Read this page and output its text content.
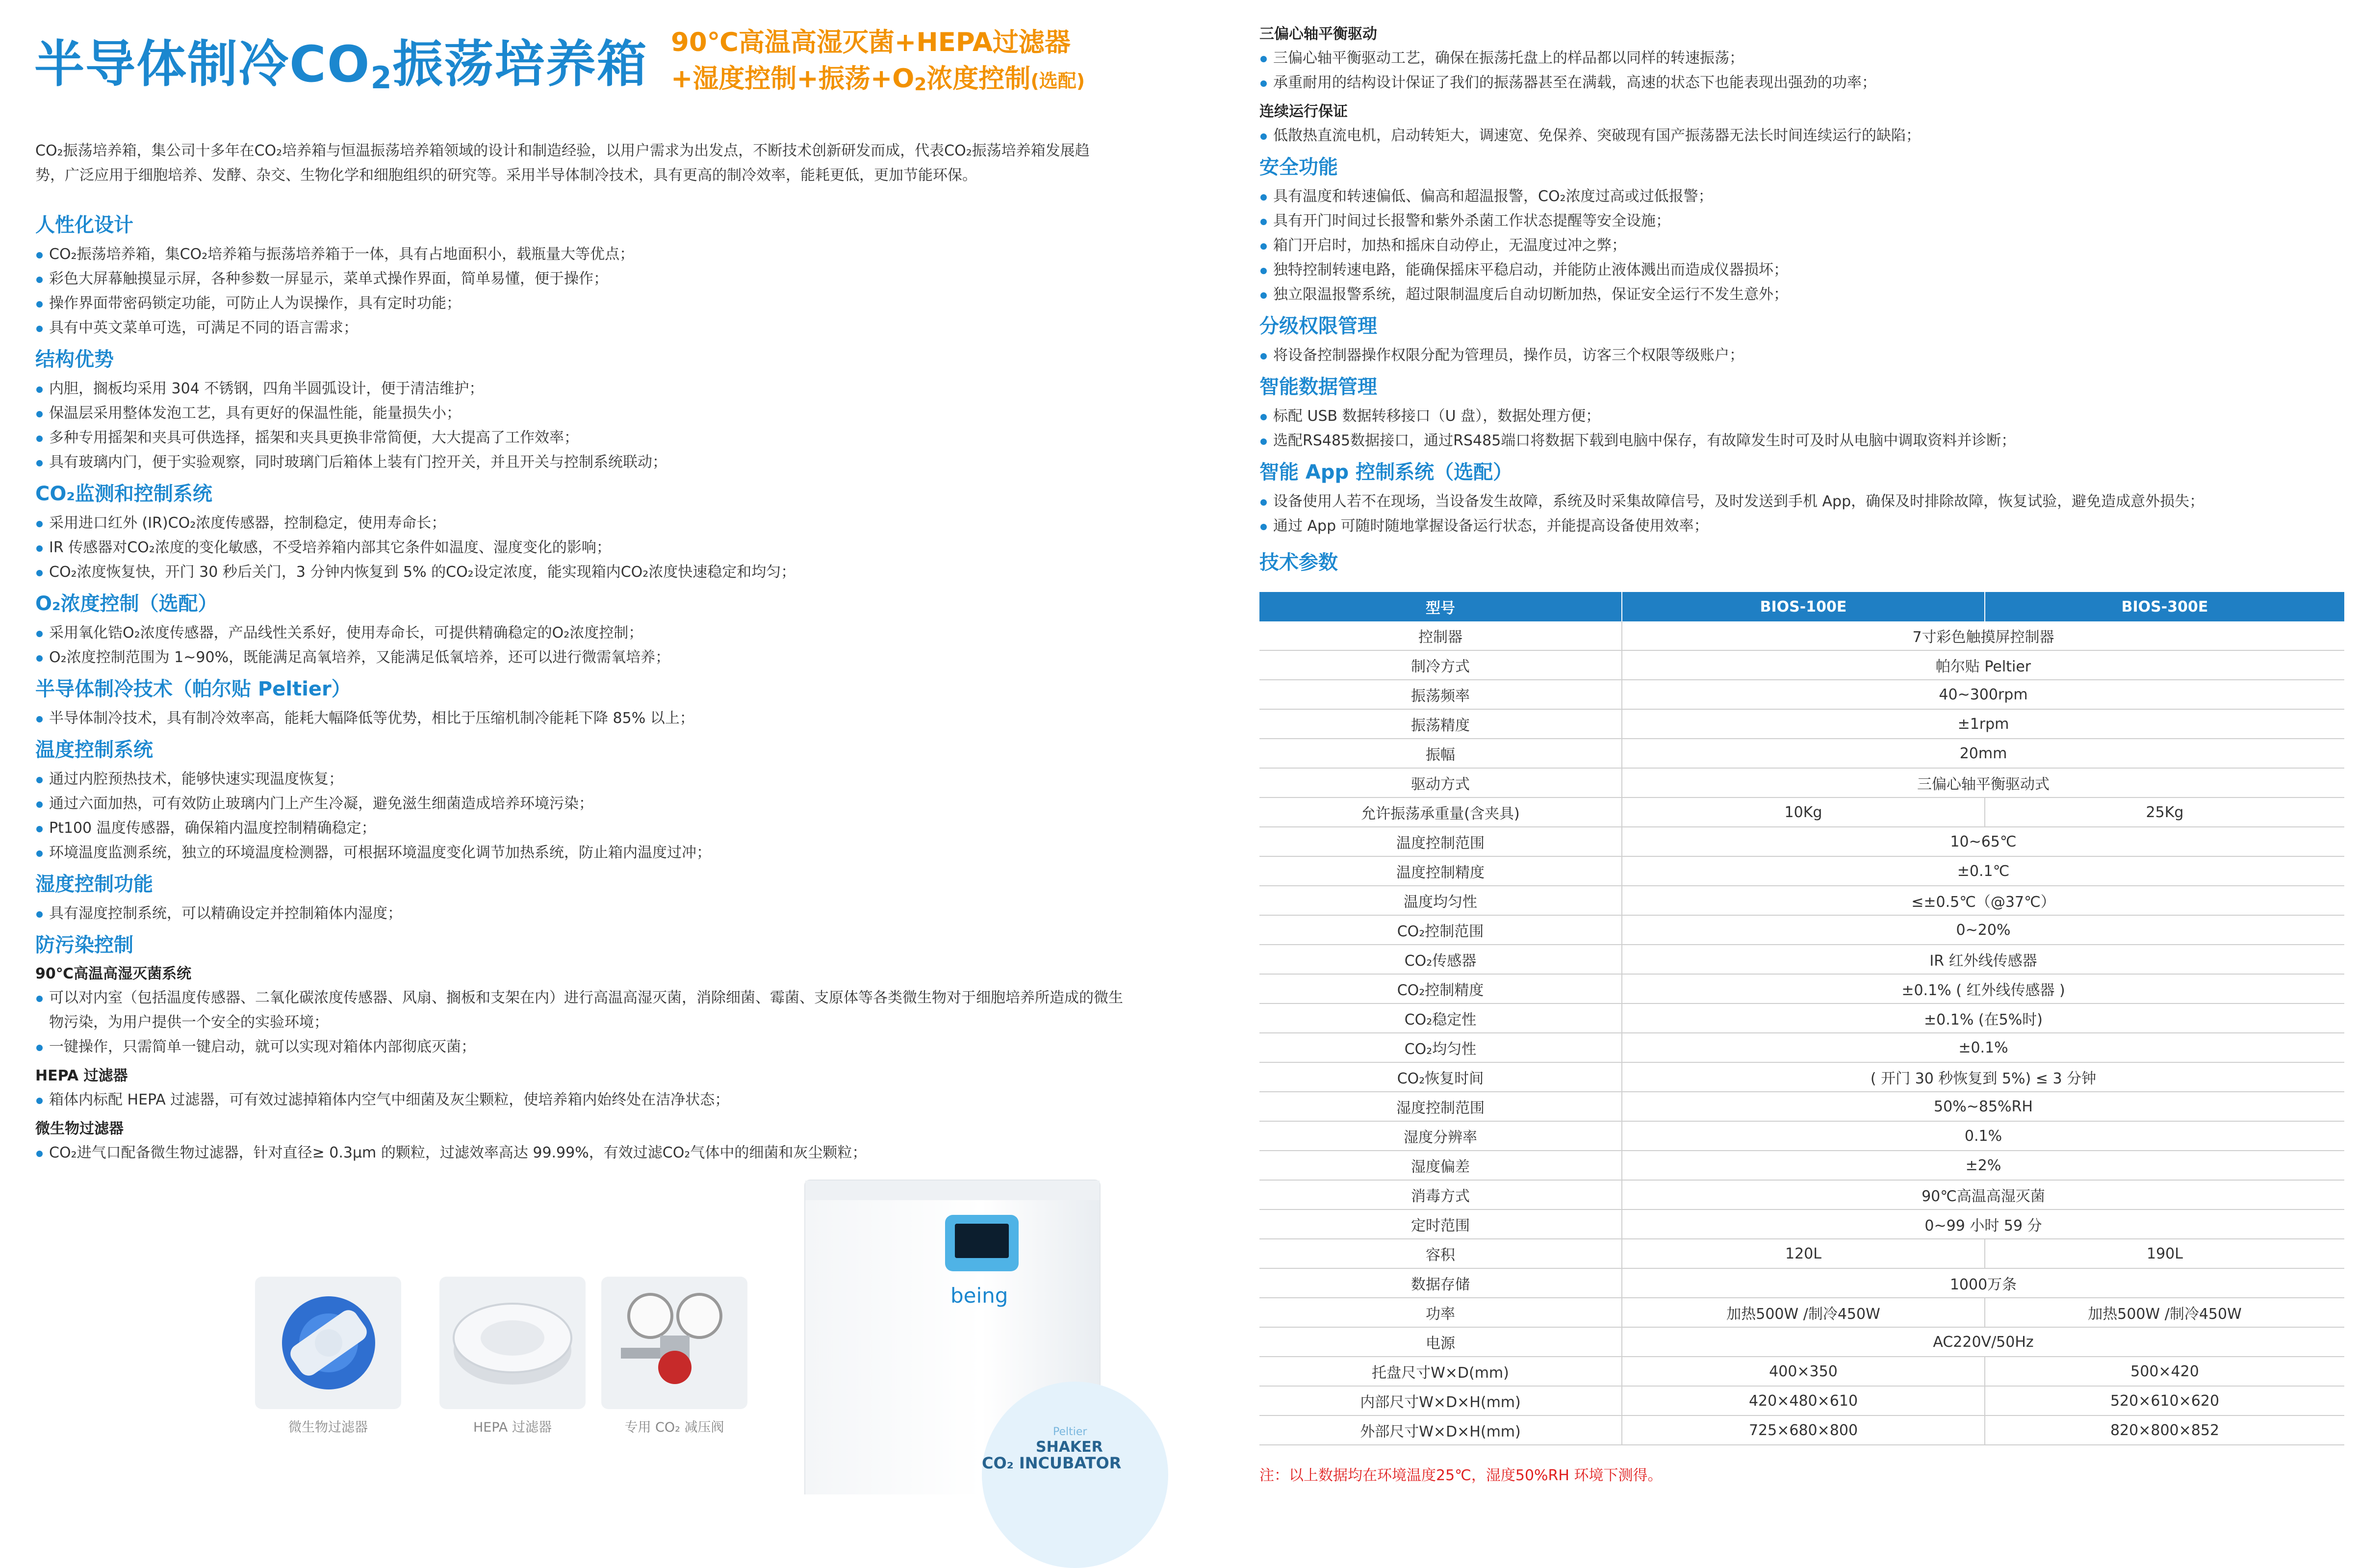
半导体制冷$CO_2$振荡培养箱 90℃高温高湿灭菌+HEPA过滤器
+湿度控制+振荡+O2浓度控制(选配)
CO₂振荡培养箱，集公司十多年在CO₂培养箱与恒温振荡培养箱领域的设计和制造经验，以用户需求为出发点，不断技术创新研发而成，代表CO₂振荡培养箱发展趋势，广泛应用于细胞培养、发酵、杂交、生物化学和细胞组织的研究等。采用半导体制冷技术，具有更高的制冷效率，能耗更低，更加节能环保。
人性化设计
CO₂振荡培养箱，集CO₂培养箱与振荡培养箱于一体，具有占地面积小，载瓶量大等优点；
彩色大屏幕触摸显示屏，各种参数一屏显示，菜单式操作界面，简单易懂，便于操作；
操作界面带密码锁定功能，可防止人为误操作，具有定时功能；
具有中英文菜单可选，可满足不同的语言需求；
结构优势
内胆，搁板均采用 304 不锈钢，四角半圆弧设计，便于清洁维护；
保温层采用整体发泡工艺，具有更好的保温性能，能量损失小；
多种专用摇架和夹具可供选择，摇架和夹具更换非常简便，大大提高了工作效率；
具有玻璃内门，便于实验观察，同时玻璃门后箱体上装有门控开关，并且开关与控制系统联动；
CO₂监测和控制系统
采用进口红外 (IR)CO₂浓度传感器，控制稳定，使用寿命长；
IR 传感器对CO₂浓度的变化敏感，不受培养箱内部其它条件如温度、湿度变化的影响；
CO₂浓度恢复快，开门 30 秒后关门，3 分钟内恢复到 5% 的CO₂设定浓度，能实现箱内CO₂浓度快速稳定和均匀；
O₂浓度控制（选配）
采用氧化锆O₂浓度传感器，产品线性关系好，使用寿命长，可提供精确稳定的O₂浓度控制；
O₂浓度控制范围为 1~90%，既能满足高氧培养，又能满足低氧培养，还可以进行微需氧培养；
半导体制冷技术（帕尔贴 Peltier）
半导体制冷技术，具有制冷效率高，能耗大幅降低等优势，相比于压缩机制冷能耗下降 85% 以上；
温度控制系统
通过内腔预热技术，能够快速实现温度恢复；
通过六面加热，可有效防止玻璃内门上产生冷凝，避免滋生细菌造成培养环境污染；
Pt100 温度传感器，确保箱内温度控制精确稳定；
环境温度监测系统，独立的环境温度检测器，可根据环境温度变化调节加热系统，防止箱内温度过冲；
湿度控制功能
具有湿度控制系统，可以精确设定并控制箱体内湿度；
防污染控制
90℃高温高湿灭菌系统
可以对内室（包括温度传感器、二氧化碳浓度传感器、风扇、搁板和支架在内）进行高温高湿灭菌，消除细菌、霉菌、支原体等各类微生物对于细胞培养所造成的微生物污染，为用户提供一个安全的实验环境；
一键操作，只需简单一键启动，就可以实现对箱体内部彻底灭菌；
HEPA 过滤器
箱体内标配 HEPA 过滤器，可有效过滤掉箱体内空气中细菌及灰尘颗粒，使培养箱内始终处在洁净状态；
微生物过滤器
CO₂进气口配备微生物过滤器，针对直径≥ 0.3μm 的颗粒，过滤效率高达 99.99%，有效过滤CO₂气体中的细菌和灰尘颗粒；
微生物过滤器	HEPA 过滤器	专用 CO₂ 减压阀
being
Peltier
SHAKER
CO₂ INCUBATOR
三偏心轴平衡驱动
三偏心轴平衡驱动工艺，确保在振荡托盘上的样品都以同样的转速振荡；
承重耐用的结构设计保证了我们的振荡器甚至在满载，高速的状态下也能表现出强劲的功率；
连续运行保证
低散热直流电机，启动转矩大，调速宽、免保养、突破现有国产振荡器无法长时间连续运行的缺陷；
安全功能
具有温度和转速偏低、偏高和超温报警，CO₂浓度过高或过低报警；
具有开门时间过长报警和紫外杀菌工作状态提醒等安全设施；
箱门开启时，加热和摇床自动停止，无温度过冲之弊；
独特控制转速电路，能确保摇床平稳启动，并能防止液体溅出而造成仪器损坏；
独立限温报警系统，超过限制温度后自动切断加热，保证安全运行不发生意外；
分级权限管理
将设备控制器操作权限分配为管理员，操作员，访客三个权限等级账户；
智能数据管理
标配 USB 数据转移接口（U 盘），数据处理方便；
选配RS485数据接口，通过RS485端口将数据下载到电脑中保存，有故障发生时可及时从电脑中调取资料并诊断；
智能 App 控制系统（选配）
设备使用人若不在现场，当设备发生故障，系统及时采集故障信号，及时发送到手机 App，确保及时排除故障，恢复试验，避免造成意外损失；
通过 App 可随时随地掌握设备运行状态，并能提高设备使用效率；
技术参数
型号	BIOS-100E	BIOS-300E
控制器	7寸彩色触摸屏控制器	
制冷方式	帕尔贴 Peltier	
振荡频率	40~300rpm	
振荡精度	±1rpm	
振幅	20mm	
驱动方式	三偏心轴平衡驱动式	
允许振荡承重量(含夹具)	10Kg	25Kg
温度控制范围	10~65℃	
温度控制精度	±0.1℃	
温度均匀性	≤±0.5℃（@37℃）	
CO₂控制范围	0~20%	
CO₂传感器	IR 红外线传感器	
CO₂控制精度	±0.1% ( 红外线传感器 )	
CO₂稳定性	±0.1% (在5%时)	
CO₂均匀性	±0.1%	
CO₂恢复时间	( 开门 30 秒恢复到 5%) ≤ 3 分钟	
湿度控制范围	50%~85%RH	
湿度分辨率	0.1%	
湿度偏差	±2%	
消毒方式	90℃高温高湿灭菌	
定时范围	0~99 小时 59 分	
容积	120L	190L
数据存储	1000万条	
功率	加热500W /制冷450W	加热500W /制冷450W
电源	AC220V/50Hz	
托盘尺寸W×D(mm)	400×350	500×420
内部尺寸W×D×H(mm)	420×480×610	520×610×620
外部尺寸W×D×H(mm)	725×680×800	820×800×852
注：以上数据均在环境温度25℃，湿度50%RH 环境下测得。
